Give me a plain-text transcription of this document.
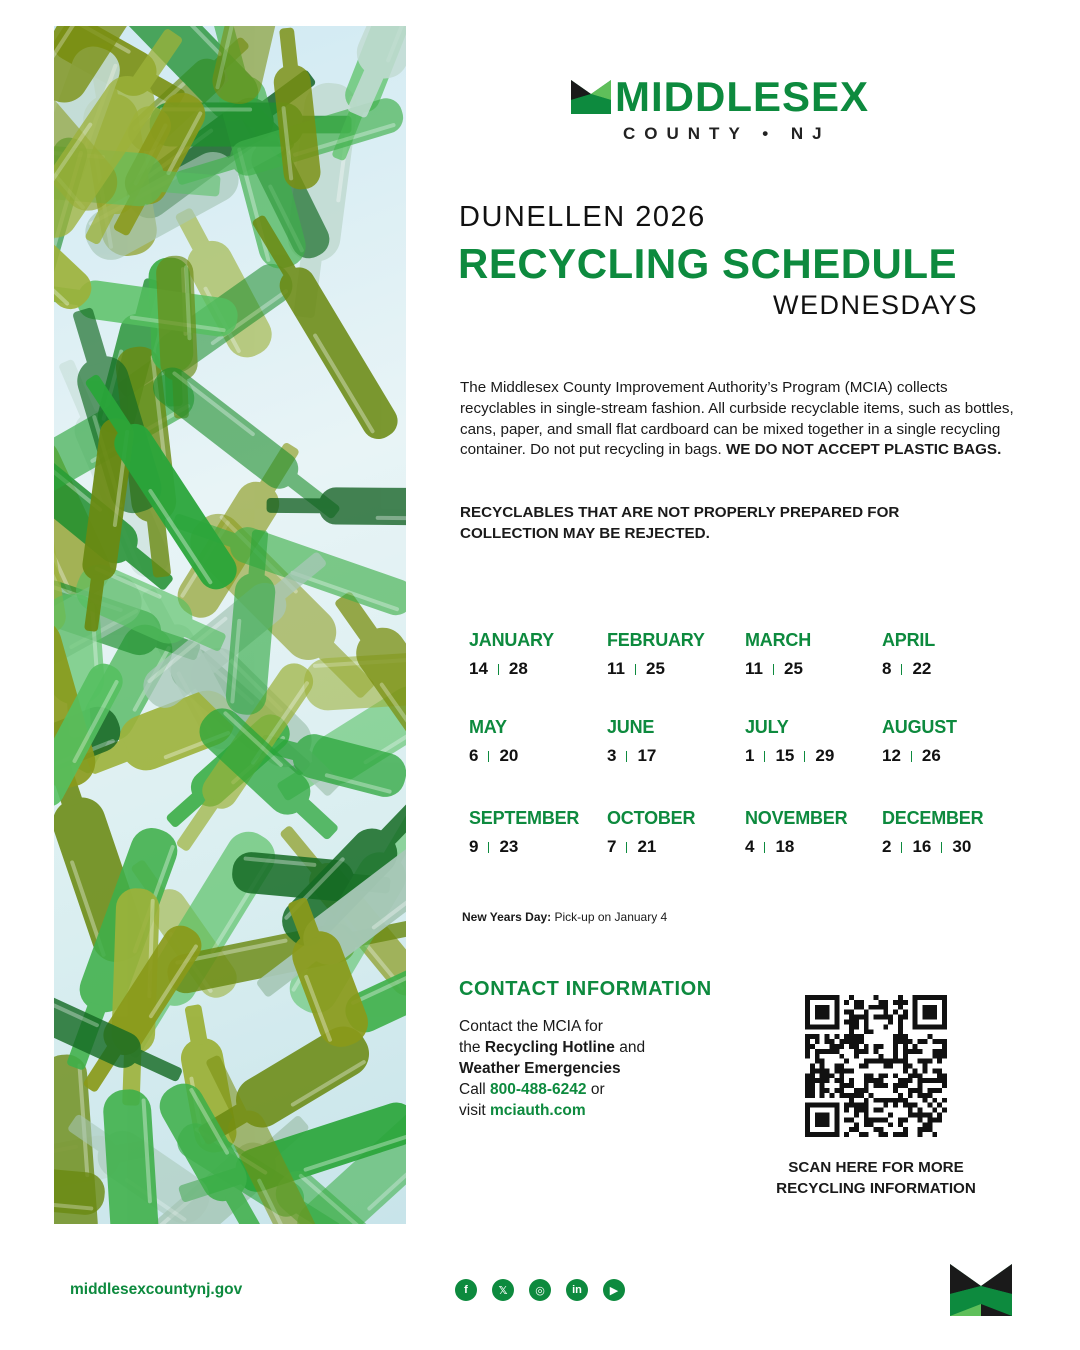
MIDDLESEX
COUNTY • NJ
DUNELLEN 2026
RECYCLING SCHEDULE
WEDNESDAYS
The Middlesex County Improvement Authority’s Program (MCIA) collects recyclables in single-stream fashion. All curbside recyclable items, such as bottles, cans, paper, and small flat cardboard can be mixed together in a single recycling container. Do not put recycling in bags. WE DO NOT ACCEPT PLASTIC BAGS.
RECYCLABLES THAT ARE NOT PROPERLY PREPARED FOR COLLECTION MAY BE REJECTED.
JANUARY
14 28
FEBRUARY
11 25
MARCH
11 25
APRIL
8 22
MAY
6 20
JUNE
3 17
JULY
1 15 29
AUGUST
12 26
SEPTEMBER
9 23
OCTOBER
7 21
NOVEMBER
4 18
DECEMBER
2 16 30
New Years Day: Pick-up on January 4
CONTACT INFORMATION
Contact the MCIA for
the Recycling Hotline and
Weather Emergencies
Call 800-488-6242 or
visit mciauth.com
SCAN HERE FOR MORE
RECYCLING INFORMATION
middlesexcountynj.gov	f	𝕏	◎	in	▶
